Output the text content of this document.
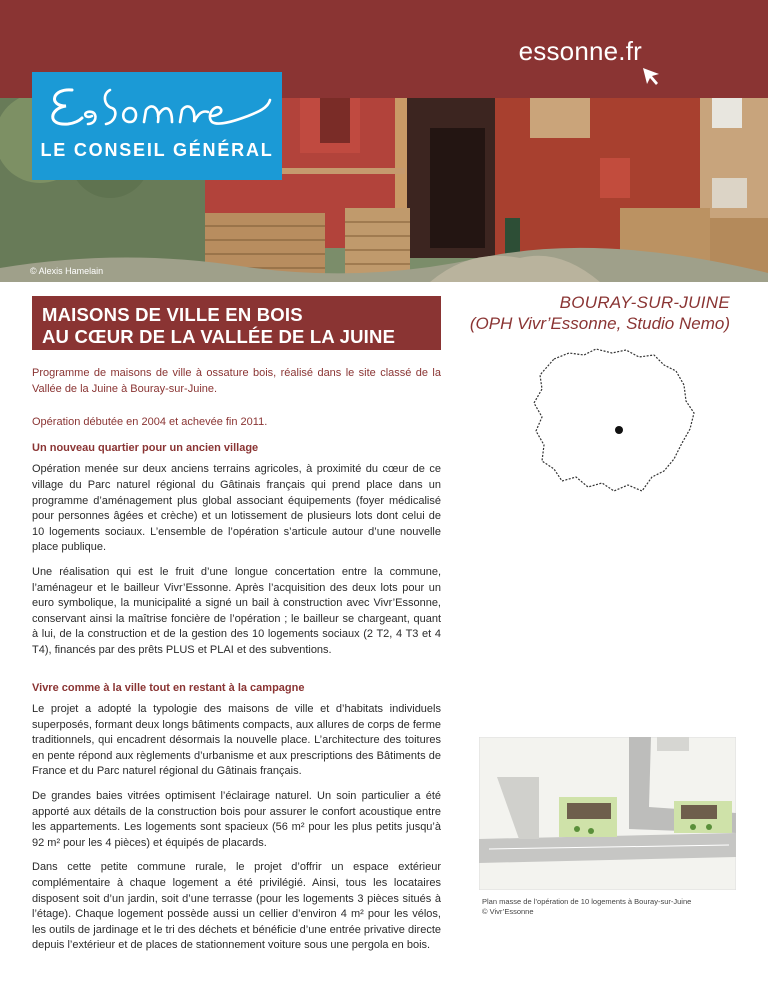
essonne.fr
LE CONSEIL GÉNÉRAL
© Alexis Hamelain
MAISONS DE VILLE EN BOIS
AU CŒUR DE LA VALLÉE DE LA JUINE
BOURAY-SUR-JUINE
(OPH Vivr’Essonne, Studio Nemo)

Programme de maisons de ville à ossature bois, réalisé dans le site classé de la Vallée de la Juine à Bouray-sur-Juine.

Opération débutée en 2004 et achevée fin 2011.

Un nouveau quartier pour un ancien village

Opération menée sur deux anciens terrains agricoles, à proximité du cœur de ce village du Parc naturel régional du Gâtinais français qui prend place dans un programme d’aménagement plus global associant équipements (foyer médicalisé pour personnes âgées et crèche) et un lotissement de plusieurs lots dont celui de 10 logements sociaux. L’ensemble de l’opération s’articule autour d’une nouvelle place publique.

Une réalisation qui est le fruit d’une longue concertation entre la commune, l’aménageur et le bailleur Vivr’Essonne. Après l’acquisition des deux lots pour un euro symbolique, la municipalité a signé un bail à construction avec Vivr’Essonne, conservant ainsi la maîtrise foncière de l’opération ; le bailleur se chargeant, quant à lui, de la construction et de la gestion des 10 logements sociaux (2 T2, 4 T3 et 4 T4), financés par des prêts PLUS et PLAI et des subventions.

Vivre comme à la ville tout en restant à la campagne

Le projet a adopté la typologie des maisons de ville et d’habitats individuels superposés, formant deux longs bâtiments compacts, aux allures de corps de ferme traditionnels, qui encadrent désormais la nouvelle place. L’architecture des toitures en pente répond aux règlements d’urbanisme et aux prescriptions des Bâtiments de France et du Parc naturel régional du Gâtinais français.

De grandes baies vitrées optimisent l’éclairage naturel. Un soin particulier a été apporté aux détails de la construction bois pour assurer le confort acoustique entre les appartements. Les logements sont spacieux (56 m² pour les plus petits jusqu’à 92 m² pour les 4 pièces) et équipés de placards.

Dans cette petite commune rurale, le projet d’offrir un espace extérieur complémentaire à chaque logement a été privilégié. Ainsi, tous les locataires disposent soit d’un jardin, soit d’une terrasse (pour les logements 3 pièces situés à l’étage). Chaque logement possède aussi un cellier d’environ 4 m² pour les vélos, les outils de jardinage et le tri des déchets et bénéficie d’une entrée privative directe depuis l’extérieur et de places de stationnement voiture sous une pergola en bois.

Plan masse de l’opération de 10 logements à Bouray-sur-Juine
© Vivr’Essonne
